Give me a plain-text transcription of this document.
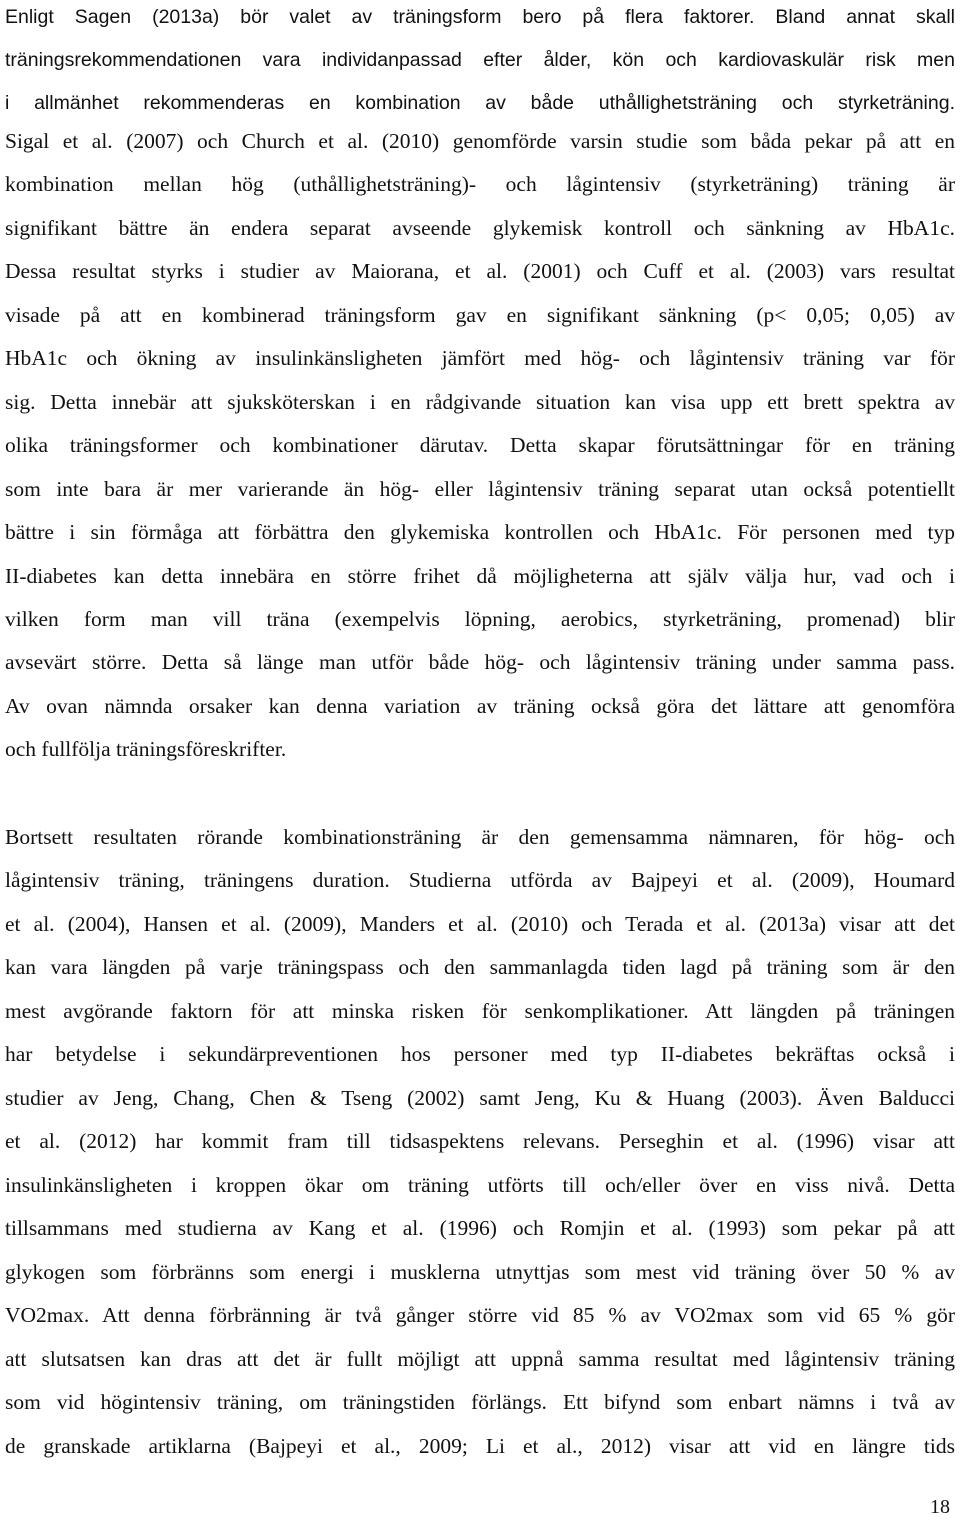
Enligt Sagen (2013a) bör valet av träningsform bero på flera faktorer. Bland annat skall
träningsrekommendationen vara individanpassad efter ålder, kön och kardiovaskulär risk men
i allmänhet rekommenderas en kombination av både uthållighetsträning och styrketräning.
Sigal et al. (2007) och Church et al. (2010) genomförde varsin studie som båda pekar på att en
kombination mellan hög (uthållighetsträning)- och lågintensiv (styrketräning) träning är
signifikant bättre än endera separat avseende glykemisk kontroll och sänkning av HbA1c.
Dessa resultat styrks i studier av Maiorana, et al. (2001) och Cuff et al. (2003) vars resultat
visade på att en kombinerad träningsform gav en signifikant sänkning (p< 0,05; 0,05) av
HbA1c och ökning av insulinkänsligheten jämfört med hög- och lågintensiv träning var för
sig. Detta innebär att sjuksköterskan i en rådgivande situation kan visa upp ett brett spektra av
olika träningsformer och kombinationer därutav. Detta skapar förutsättningar för en träning
som inte bara är mer varierande än hög- eller lågintensiv träning separat utan också potentiellt
bättre i sin förmåga att förbättra den glykemiska kontrollen och HbA1c. För personen med typ
II-diabetes kan detta innebära en större frihet då möjligheterna att själv välja hur, vad och i
vilken form man vill träna (exempelvis löpning, aerobics, styrketräning, promenad) blir
avsevärt större. Detta så länge man utför både hög- och lågintensiv träning under samma pass.
Av ovan nämnda orsaker kan denna variation av träning också göra det lättare att genomföra
och fullfölja träningsföreskrifter.
Bortsett resultaten rörande kombinationsträning är den gemensamma nämnaren, för hög- och
lågintensiv träning, träningens duration. Studierna utförda av Bajpeyi et al. (2009), Houmard
et al. (2004), Hansen et al. (2009), Manders et al. (2010) och Terada et al. (2013a) visar att det
kan vara längden på varje träningspass och den sammanlagda tiden lagd på träning som är den
mest avgörande faktorn för att minska risken för senkomplikationer. Att längden på träningen
har betydelse i sekundärpreventionen hos personer med typ II-diabetes bekräftas också i
studier av Jeng, Chang, Chen & Tseng (2002) samt Jeng, Ku & Huang (2003). Även Balducci
et al. (2012) har kommit fram till tidsaspektens relevans. Perseghin et al. (1996) visar att
insulinkänsligheten i kroppen ökar om träning utförts till och/eller över en viss nivå. Detta
tillsammans med studierna av Kang et al. (1996) och Romjin et al. (1993) som pekar på att
glykogen som förbränns som energi i musklerna utnyttjas som mest vid träning över 50 % av
VO2max. Att denna förbränning är två gånger större vid 85 % av VO2max som vid 65 % gör
att slutsatsen kan dras att det är fullt möjligt att uppnå samma resultat med lågintensiv träning
som vid högintensiv träning, om träningstiden förlängs. Ett bifynd som enbart nämns i två av
de granskade artiklarna (Bajpeyi et al., 2009; Li et al., 2012) visar att vid en längre tids
18
